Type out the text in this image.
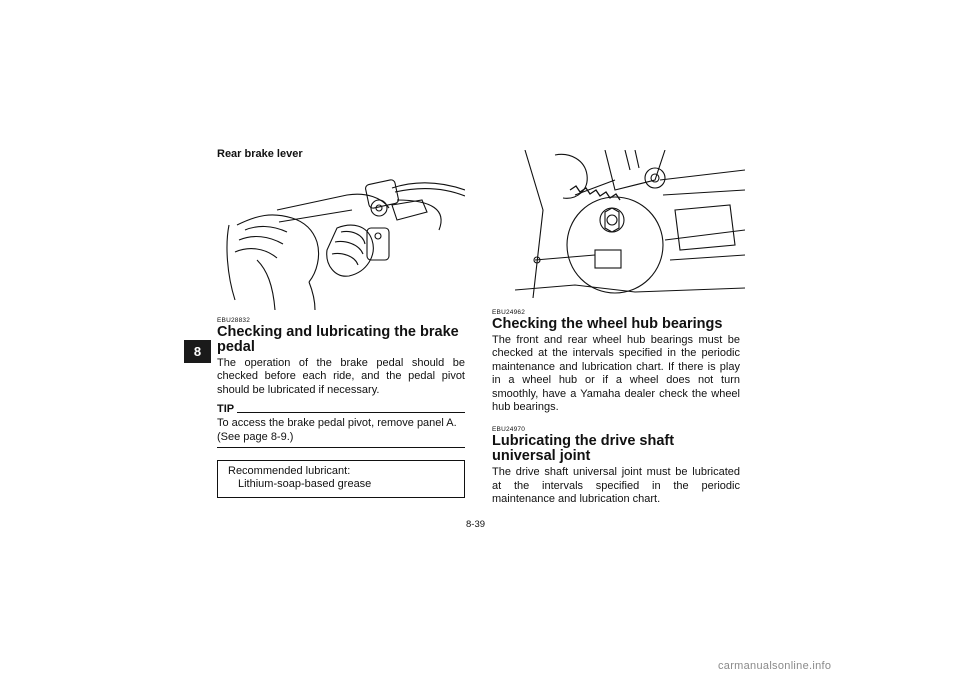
8
Rear brake lever
EBU28832
Checking and lubricating the brake pedal

The operation of the brake pedal should be checked before each ride, and the pedal pivot should be lubricated if necessary.

TIP

To access the brake pedal pivot, remove panel A. (See page 8-9.)

Recommended lubricant:
Lithium-soap-based grease
EBU24962
Checking the wheel hub bearings

The front and rear wheel hub bearings must be checked at the intervals specified in the periodic maintenance and lubrication chart. If there is play in a wheel hub or if a wheel does not turn smoothly, have a Yamaha dealer check the wheel hub bearings.

EBU24970
Lubricating the drive shaft universal joint

The drive shaft universal joint must be lubricated at the intervals specified in the periodic maintenance and lubrication chart.

8-39
carmanualsonline.info
